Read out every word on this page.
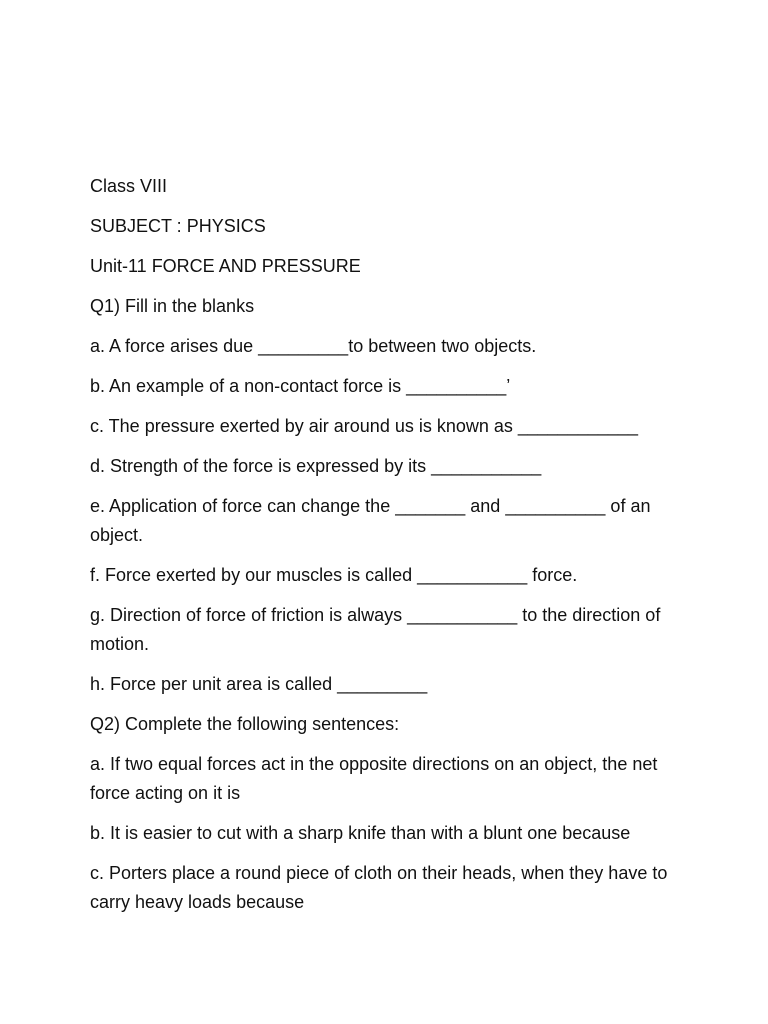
Class VIII

SUBJECT : PHYSICS

Unit-11 FORCE AND PRESSURE

Q1) Fill in the blanks

a. A force arises due _________to between two objects.

b. An example of a non-contact force is __________’

c. The pressure exerted by air around us is known as ____________

d. Strength of the force is expressed by its ___________

e. Application of force can change the _______ and __________ of an object.

f. Force exerted by our muscles is called ___________ force.

g. Direction of force of friction is always ___________ to the direction of motion.

h. Force per unit area is called _________

Q2) Complete the following sentences:

a. If two equal forces act in the opposite directions on an object, the net force acting on it is

b. It is easier to cut with a sharp knife than with a blunt one because

c. Porters place a round piece of cloth on their heads, when they have to carry heavy loads because
